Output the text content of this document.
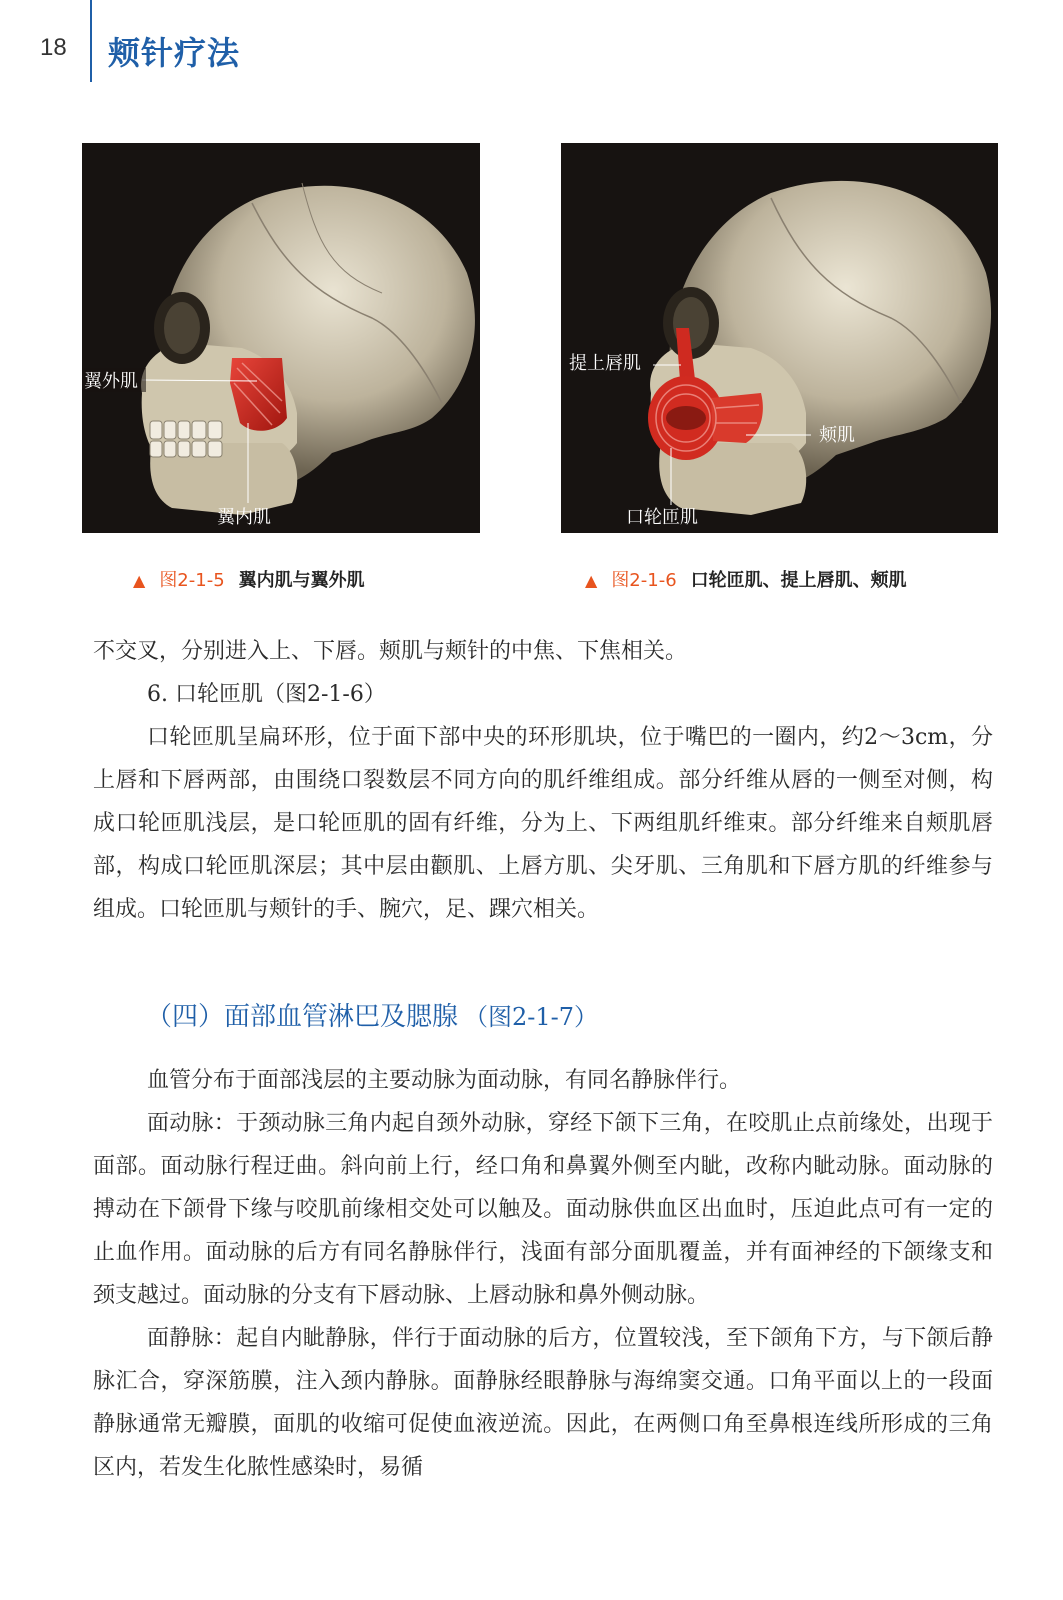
18 颊针疗法
翼外肌
翼内肌
提上唇肌
颊肌
口轮匝肌
▲ 图2-1-5 翼内肌与翼外肌	▲ 图2-1-6 口轮匝肌、提上唇肌、颊肌

不交叉，分别进入上、下唇。颊肌与颊针的中焦、下焦相关。

6. 口轮匝肌（图2-1-6）

口轮匝肌呈扁环形，位于面下部中央的环形肌块，位于嘴巴的一圈内，约2～3cm，分上唇和下唇两部，由围绕口裂数层不同方向的肌纤维组成。部分纤维从唇的一侧至对侧，构成口轮匝肌浅层，是口轮匝肌的固有纤维，分为上、下两组肌纤维束。部分纤维来自颊肌唇部，构成口轮匝肌深层；其中层由颧肌、上唇方肌、尖牙肌、三角肌和下唇方肌的纤维参与组成。口轮匝肌与颊针的手、腕穴，足、踝穴相关。

（四）面部血管淋巴及腮腺 （图2-1-7）

血管分布于面部浅层的主要动脉为面动脉，有同名静脉伴行。

面动脉：于颈动脉三角内起自颈外动脉，穿经下颌下三角，在咬肌止点前缘处，出现于面部。面动脉行程迂曲。斜向前上行，经口角和鼻翼外侧至内眦，改称内眦动脉。面动脉的搏动在下颌骨下缘与咬肌前缘相交处可以触及。面动脉供血区出血时，压迫此点可有一定的止血作用。面动脉的后方有同名静脉伴行，浅面有部分面肌覆盖，并有面神经的下颌缘支和颈支越过。面动脉的分支有下唇动脉、上唇动脉和鼻外侧动脉。

面静脉：起自内眦静脉，伴行于面动脉的后方，位置较浅，至下颌角下方，与下颌后静脉汇合，穿深筋膜，注入颈内静脉。面静脉经眼静脉与海绵窦交通。口角平面以上的一段面静脉通常无瓣膜，面肌的收缩可促使血液逆流。因此，在两侧口角至鼻根连线所形成的三角区内，若发生化脓性感染时，易循
